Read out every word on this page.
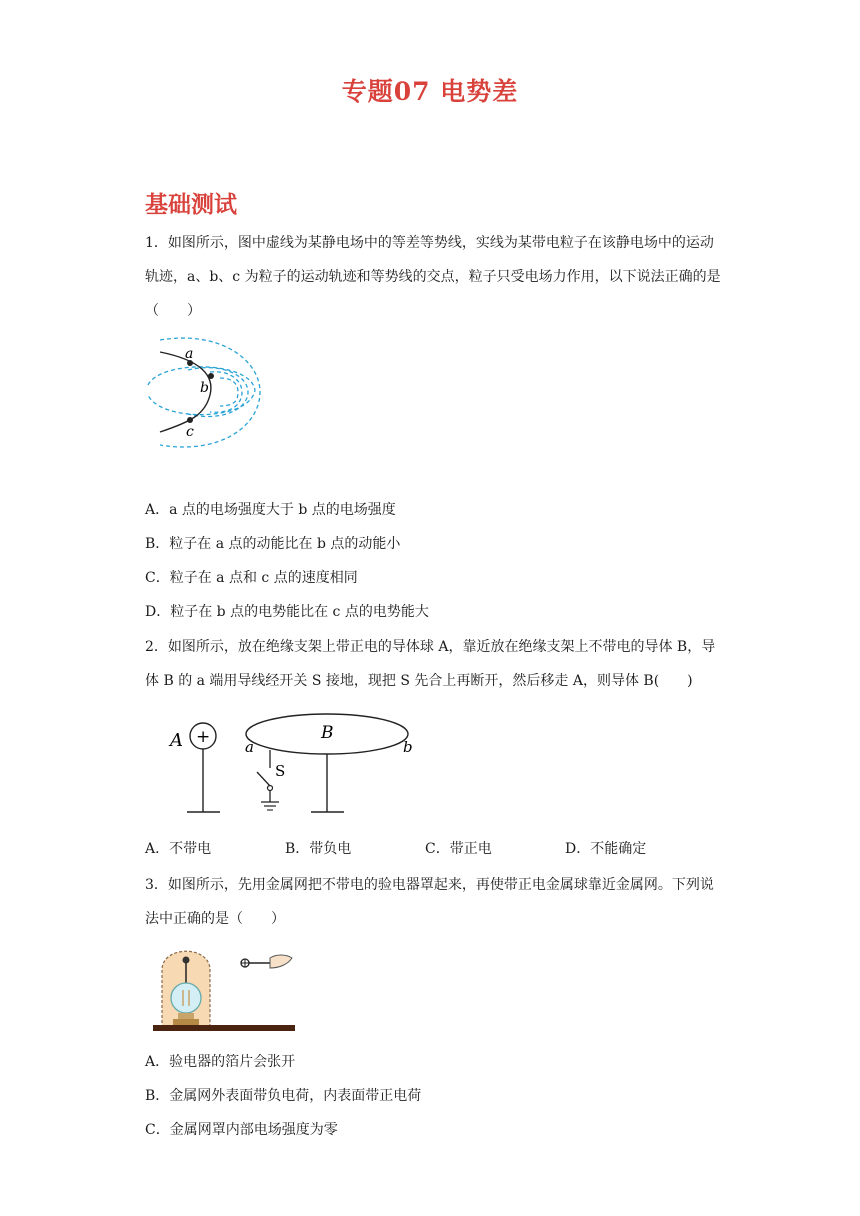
专题07 电势差
基础测试
1．如图所示，图中虚线为某静电场中的等差等势线，实线为某带电粒子在该静电场中的运动轨迹，a、b、c 为粒子的运动轨迹和等势线的交点，粒子只受电场力作用，以下说法正确的是（　　）
a
b
c
A．a 点的电场强度大于 b 点的电场强度
B．粒子在 a 点的动能比在 b 点的动能小
C．粒子在 a 点和 c 点的速度相同
D．粒子在 b 点的电势能比在 c 点的电势能大
2．如图所示，放在绝缘支架上带正电的导体球 A，靠近放在绝缘支架上不带电的导体 B，导体 B 的 a 端用导线经开关 S 接地，现把 S 先合上再断开，然后移走 A，则导体 B(　　)
A +	B
a	b
S
A．不带电	B．带负电	C．带正电	D．不能确定
3．如图所示，先用金属网把不带电的验电器罩起来，再使带正电金属球靠近金属网。下列说法中正确的是（　　）
A．验电器的箔片会张开
B．金属网外表面带负电荷，内表面带正电荷
C．金属网罩内部电场强度为零
